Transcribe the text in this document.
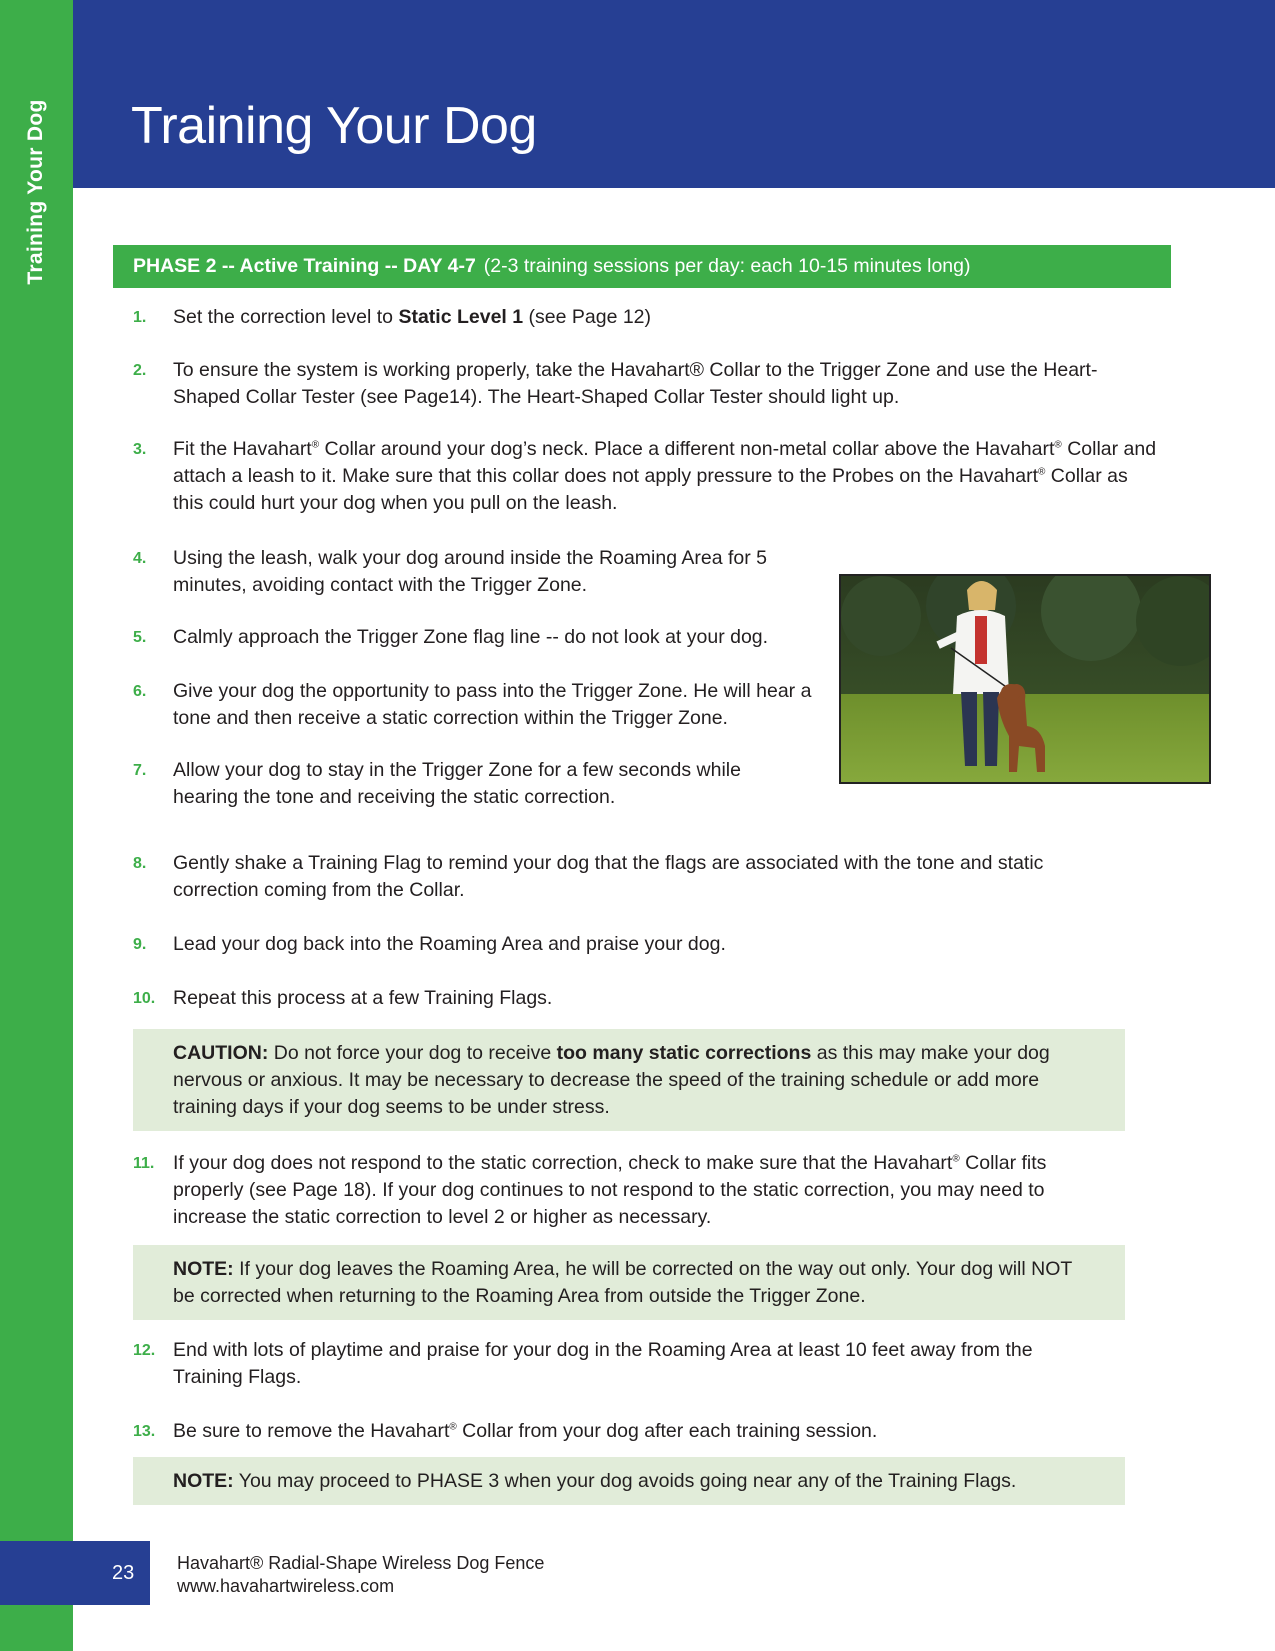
Training Your Dog Training Your Dog
PHASE 2 -- Active Training -- DAY 4-7 (2-3 training sessions per day: each 10-15 minutes long)
1.	Set the correction level to Static Level 1 (see Page 12)
2.	To ensure the system is working properly, take the Havahart® Collar to the Trigger Zone and use the Heart-Shaped Collar Tester (see Page14). The Heart-Shaped Collar Tester should light up.
3.	Fit the Havahart® Collar around your dog’s neck. Place a different non-metal collar above the Havahart® Collar and attach a leash to it. Make sure that this collar does not apply pressure to the Probes on the Havahart® Collar as this could hurt your dog when you pull on the leash.
4.	Using the leash, walk your dog around inside the Roaming Area for 5 minutes, avoiding contact with the Trigger Zone.
5.	Calmly approach the Trigger Zone flag line -- do not look at your dog.
6.	Give your dog the opportunity to pass into the Trigger Zone. He will hear a tone and then receive a static correction within the Trigger Zone.
7.	Allow your dog to stay in the Trigger Zone for a few seconds while hearing the tone and receiving the static correction.
8.	Gently shake a Training Flag to remind your dog that the flags are associated with the tone and static correction coming from the Collar.
9.	Lead your dog back into the Roaming Area and praise your dog.
10. Repeat this process at a few Training Flags.
CAUTION: Do not force your dog to receive too many static corrections as this may make your dog nervous or anxious. It may be necessary to decrease the speed of the training schedule or add more training days if your dog seems to be under stress.
11. If your dog does not respond to the static correction, check to make sure that the Havahart® Collar fits properly (see Page 18). If your dog continues to not respond to the static correction, you may need to increase the static correction to level 2 or higher as necessary.
NOTE: If your dog leaves the Roaming Area, he will be corrected on the way out only. Your dog will NOT be corrected when returning to the Roaming Area from outside the Trigger Zone.
12. End with lots of playtime and praise for your dog in the Roaming Area at least 10 feet away from the Training Flags.
13. Be sure to remove the Havahart® Collar from your dog after each training session.
NOTE: You may proceed to PHASE 3 when your dog avoids going near any of the Training Flags.
23	Havahart® Radial-Shape Wireless Dog Fence
www.havahartwireless.com
